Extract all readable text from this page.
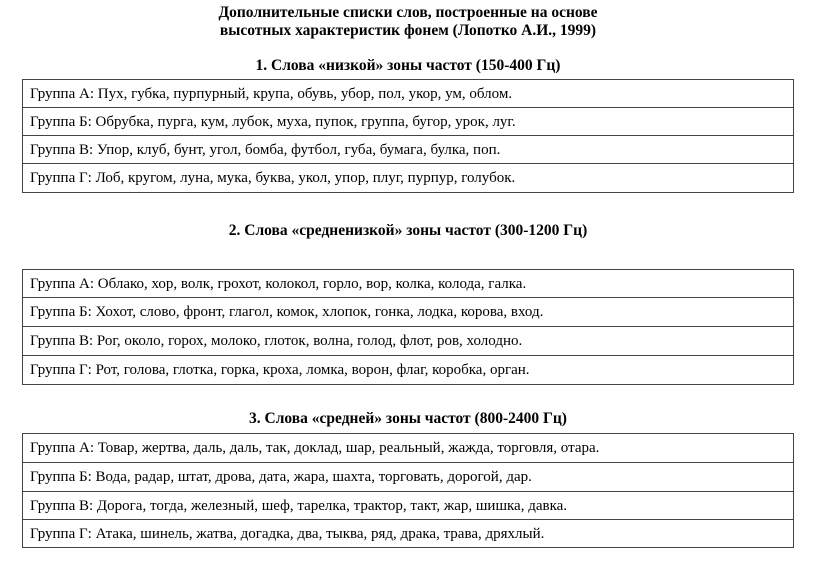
Дополнительные списки слов, построенные на основе
высотных характеристик фонем (Лопотко А.И., 1999)
1. Слова «низкой» зоны частот (150-400 Гц)
Группа А: Пух, губка, пурпурный, крупа, обувь, убор, пол, укор, ум, облом.
Группа Б: Обрубка, пурга, кум, лубок, муха, пупок, группа, бугор, урок, луг.
Группа В: Упор, клуб, бунт, угол, бомба, футбол, губа, бумага, булка, поп.
Группа Г: Лоб, кругом, луна, мука, буква, укол, упор, плуг, пурпур, голубок.
2. Слова «средненизкой» зоны частот (300-1200 Гц)
Группа А: Облако, хор, волк, грохот, колокол, горло, вор, колка, колода, галка.
Группа Б: Хохот, слово, фронт, глагол, комок, хлопок, гонка, лодка, корова, вход.
Группа В: Рог, около, горох, молоко, глоток, волна, голод, флот, ров, холодно.
Группа Г: Рот, голова, глотка, горка, кроха, ломка, ворон, флаг, коробка, орган.
3. Слова «средней» зоны частот (800-2400 Гц)
Группа А: Товар, жертва, даль, даль, так, доклад, шар, реальный, жажда, торговля, отара.
Группа Б: Вода, радар, штат, дрова, дата, жара, шахта, торговать, дорогой, дар.
Группа В: Дорога, тогда, железный, шеф, тарелка, трактор, такт, жар, шишка, давка.
Группа Г: Атака, шинель, жатва, догадка, два, тыква, ряд, драка, трава, дряхлый.
